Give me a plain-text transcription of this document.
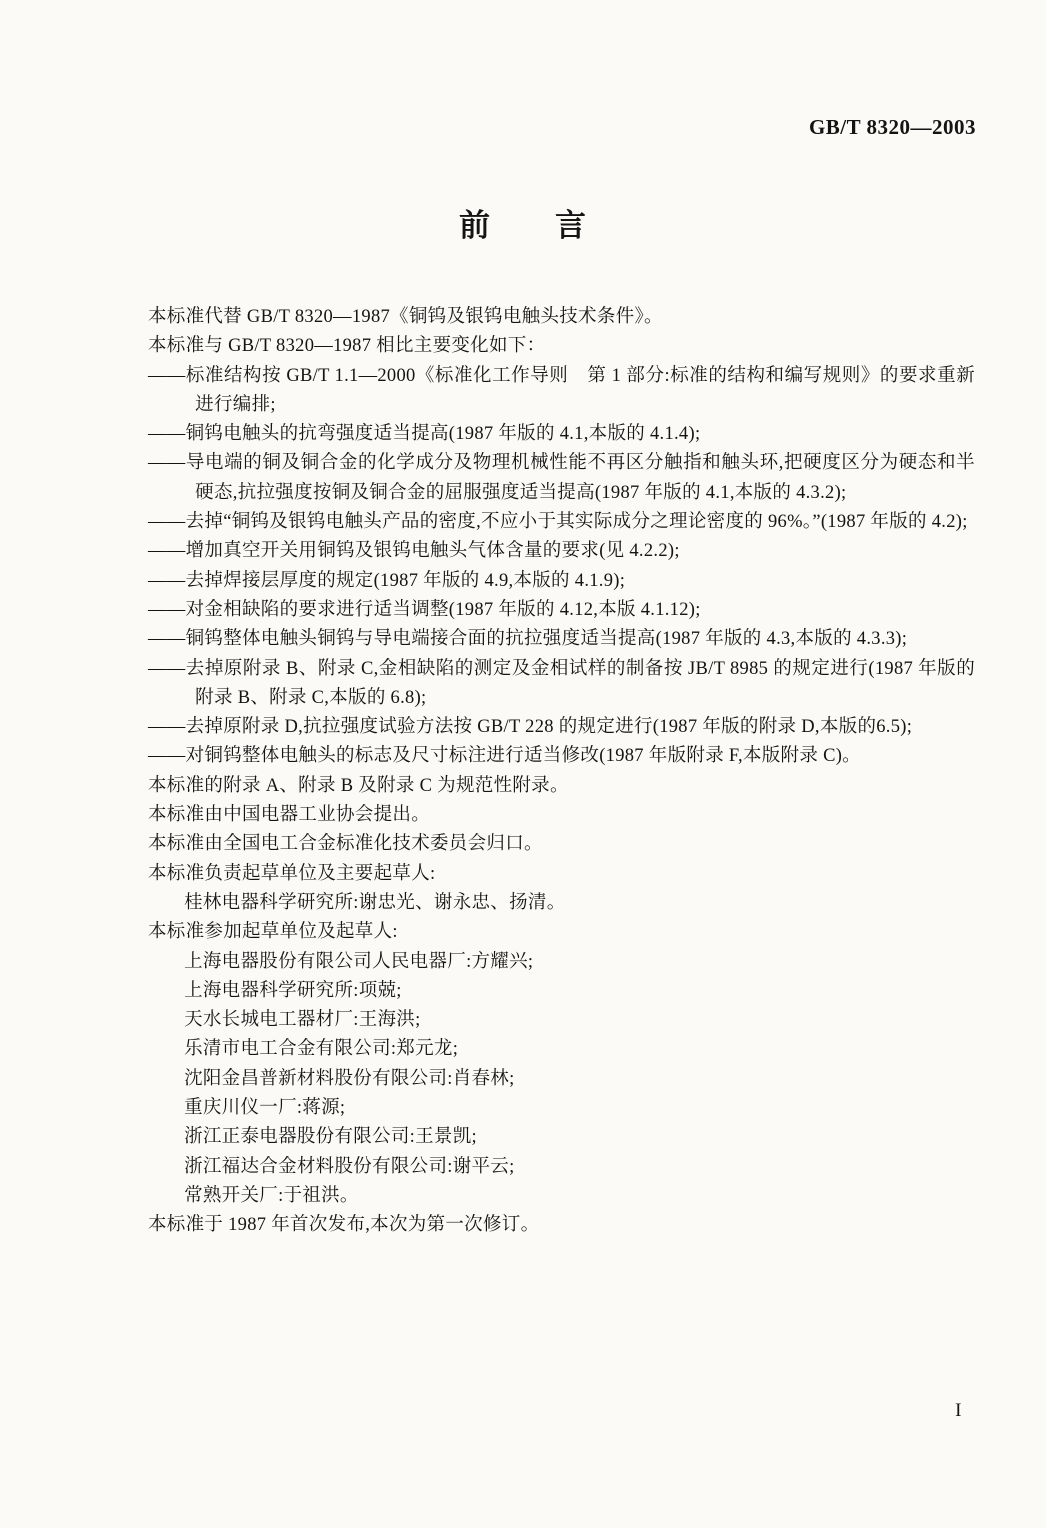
GB/T 8320—2003
前　　言
本标准代替 GB/T 8320—1987《铜钨及银钨电触头技术条件》。
本标准与 GB/T 8320—1987 相比主要变化如下：
——标准结构按 GB/T 1.1—2000《标准化工作导则　第 1 部分:标准的结构和编写规则》的要求重新进行编排;
——铜钨电触头的抗弯强度适当提高(1987 年版的 4.1,本版的 4.1.4);
——导电端的铜及铜合金的化学成分及物理机械性能不再区分触指和触头环,把硬度区分为硬态和半硬态,抗拉强度按铜及铜合金的屈服强度适当提高(1987 年版的 4.1,本版的 4.3.2);
——去掉“铜钨及银钨电触头产品的密度,不应小于其实际成分之理论密度的 96%。”(1987 年版的 4.2);
——增加真空开关用铜钨及银钨电触头气体含量的要求(见 4.2.2);
——去掉焊接层厚度的规定(1987 年版的 4.9,本版的 4.1.9);
——对金相缺陷的要求进行适当调整(1987 年版的 4.12,本版 4.1.12);
——铜钨整体电触头铜钨与导电端接合面的抗拉强度适当提高(1987 年版的 4.3,本版的 4.3.3);
——去掉原附录 B、附录 C,金相缺陷的测定及金相试样的制备按 JB/T 8985 的规定进行(1987 年版的附录 B、附录 C,本版的 6.8);
——去掉原附录 D,抗拉强度试验方法按 GB/T 228 的规定进行(1987 年版的附录 D,本版的6.5);
——对铜钨整体电触头的标志及尺寸标注进行适当修改(1987 年版附录 F,本版附录 C)。
本标准的附录 A、附录 B 及附录 C 为规范性附录。
本标准由中国电器工业协会提出。
本标准由全国电工合金标准化技术委员会归口。
本标准负责起草单位及主要起草人:
桂林电器科学研究所:谢忠光、谢永忠、扬清。
本标准参加起草单位及起草人:
上海电器股份有限公司人民电器厂:方耀兴;
上海电器科学研究所:项兢;
天水长城电工器材厂:王海洪;
乐清市电工合金有限公司:郑元龙;
沈阳金昌普新材料股份有限公司:肖春林;
重庆川仪一厂:蒋源;
浙江正泰电器股份有限公司:王景凯;
浙江福达合金材料股份有限公司:谢平云;
常熟开关厂:于祖洪。
本标准于 1987 年首次发布,本次为第一次修订。
I
